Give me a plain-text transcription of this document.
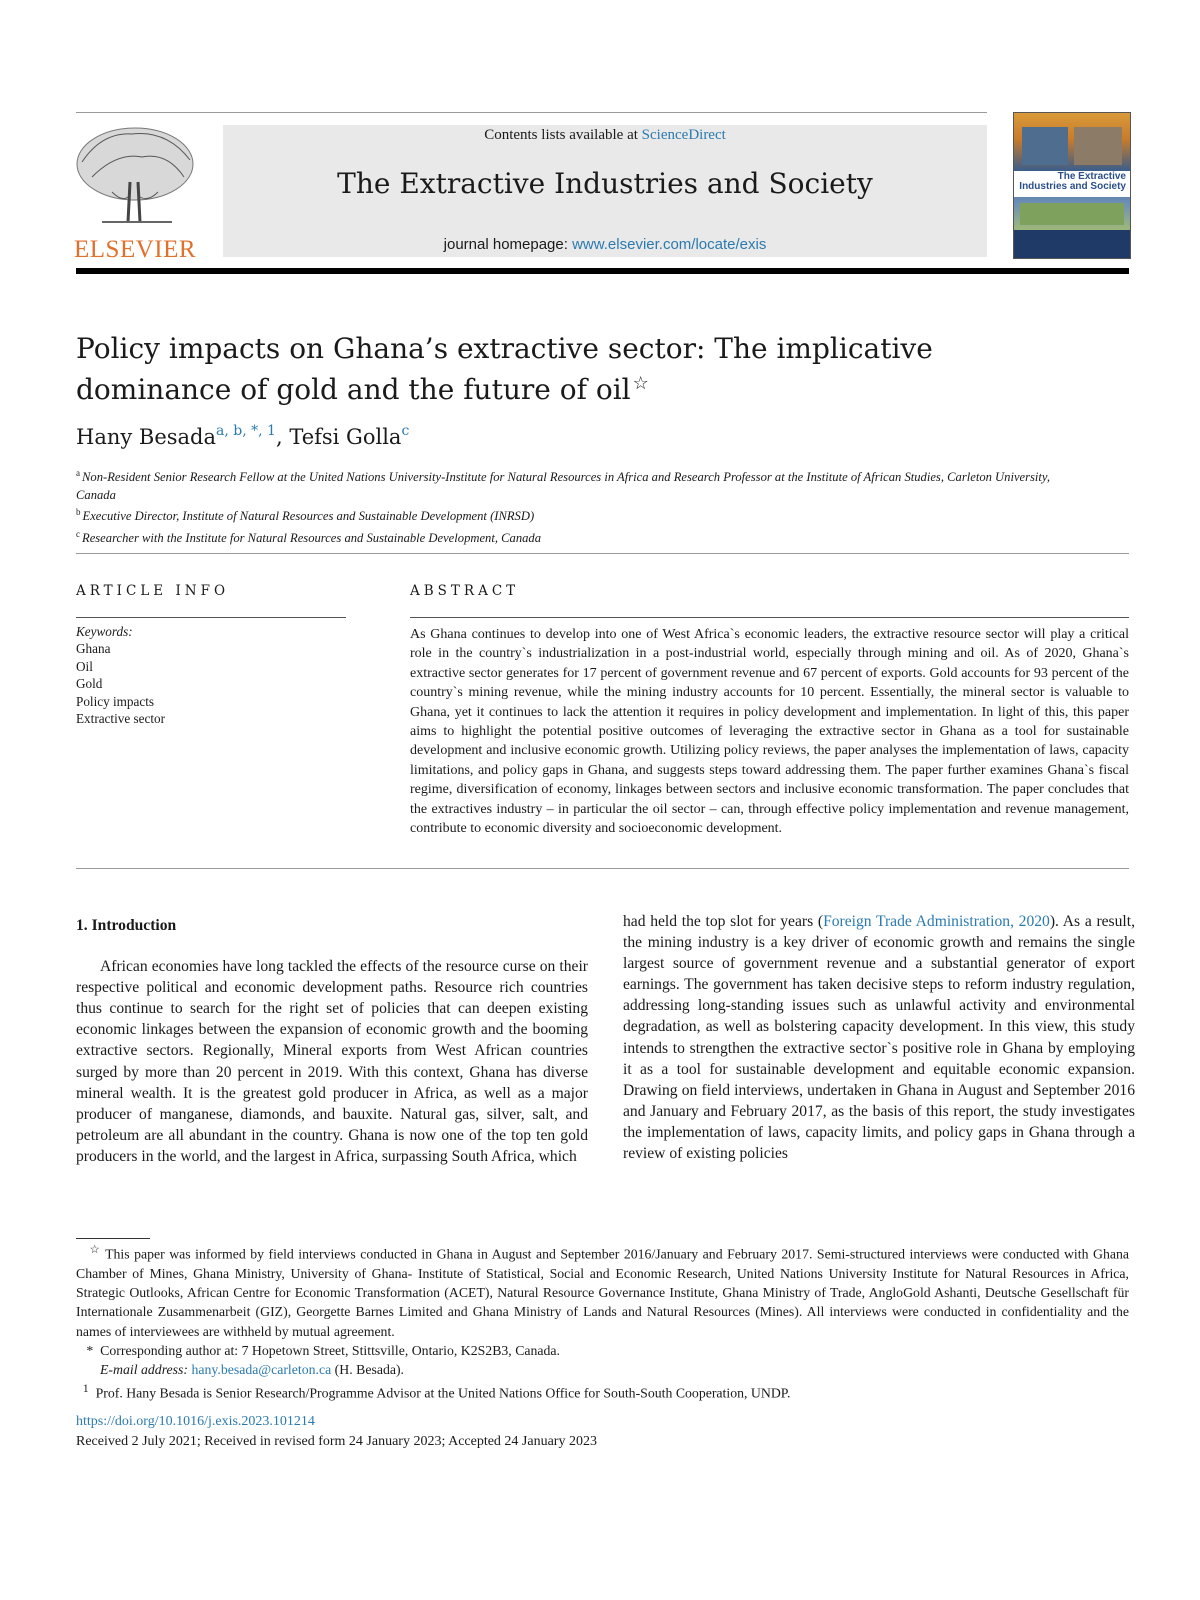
ELSEVIER
Contents lists available at ScienceDirect
The Extractive Industries and Society
journal homepage: www.elsevier.com/locate/exis
The Extractive Industries and Society
Policy impacts on Ghana’s extractive sector: The implicative dominance of gold and the future of oil ☆
Hany Besada$^{a, b, *, 1}$, Tefsi Golla$^c$
$^a$ Non-Resident Senior Research Fellow at the United Nations University-Institute for Natural Resources in Africa and Research Professor at the Institute of African Studies, Carleton University, Canada
$^b$ Executive Director, Institute of Natural Resources and Sustainable Development (INRSD)
$^c$ Researcher with the Institute for Natural Resources and Sustainable Development, Canada
ARTICLE INFO
Keywords:
Ghana
Oil
Gold
Policy impacts
Extractive sector
ABSTRACT
As Ghana continues to develop into one of West Africa`s economic leaders, the extractive resource sector will play a critical role in the country`s industrialization in a post-industrial world, especially through mining and oil. As of 2020, Ghana`s extractive sector generates for 17 percent of government revenue and 67 percent of exports. Gold accounts for 93 percent of the country`s mining revenue, while the mining industry accounts for 10 percent. Essentially, the mineral sector is valuable to Ghana, yet it continues to lack the attention it requires in policy development and implementation. In light of this, this paper aims to highlight the potential positive outcomes of leveraging the extractive sector in Ghana as a tool for sustainable development and inclusive economic growth. Utilizing policy reviews, the paper analyses the implementation of laws, capacity limitations, and policy gaps in Ghana, and suggests steps toward addressing them. The paper further examines Ghana`s fiscal regime, diversification of economy, linkages between sectors and inclusive economic transformation. The paper concludes that the extractives industry – in particular the oil sector – can, through effective policy implementation and revenue management, contribute to economic diversity and socioeconomic development.
1. Introduction

African economies have long tackled the effects of the resource curse on their respective political and economic development paths. Resource rich countries thus continue to search for the right set of policies that can deepen existing economic linkages between the expansion of economic growth and the booming extractive sectors. Regionally, Mineral exports from West African countries surged by more than 20 percent in 2019. With this context, Ghana has diverse mineral wealth. It is the greatest gold producer in Africa, as well as a major producer of manganese, diamonds, and bauxite. Natural gas, silver, salt, and petroleum are all abundant in the country. Ghana is now one of the top ten gold producers in the world, and the largest in Africa, surpassing South Africa, which

had held the top slot for years (Foreign Trade Administration, 2020). As a result, the mining industry is a key driver of economic growth and remains the single largest source of government revenue and a substantial generator of export earnings. The government has taken decisive steps to reform industry regulation, addressing long-standing issues such as unlawful activity and environmental degradation, as well as bolstering capacity development. In this view, this study intends to strengthen the extractive sector`s positive role in Ghana by employing it as a tool for sustainable development and equitable economic expansion. Drawing on field interviews, undertaken in Ghana in August and September 2016 and January and February 2017, as the basis of this report, the study investigates the implementation of laws, capacity limits, and policy gaps in Ghana through a review of existing policies

☆ This paper was informed by field interviews conducted in Ghana in August and September 2016/January and February 2017. Semi-structured interviews were conducted with Ghana Chamber of Mines, Ghana Ministry, University of Ghana- Institute of Statistical, Social and Economic Research, United Nations University Institute for Natural Resources in Africa, Strategic Outlooks, African Centre for Economic Transformation (ACET), Natural Resource Governance Institute, Ghana Ministry of Trade, AngloGold Ashanti, Deutsche Gesellschaft für Internationale Zusammenarbeit (GIZ), Georgette Barnes Limited and Ghana Ministry of Lands and Natural Resources (Mines). All interviews were conducted in confidentiality and the names of interviewees are withheld by mutual agreement.

* Corresponding author at: 7 Hopetown Street, Stittsville, Ontario, K2S2B3, Canada.

E-mail address: hany.besada@carleton.ca (H. Besada).

$^1$ Prof. Hany Besada is Senior Research/Programme Advisor at the United Nations Office for South-South Cooperation, UNDP.

https://doi.org/10.1016/j.exis.2023.101214
Received 2 July 2021; Received in revised form 24 January 2023; Accepted 24 January 2023
